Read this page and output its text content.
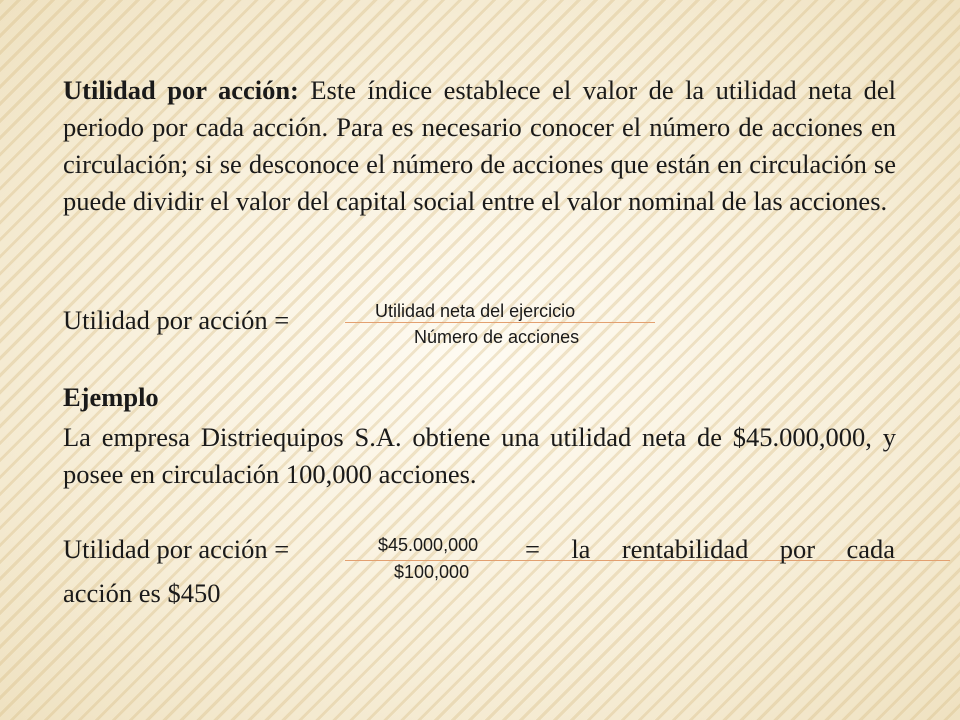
Utilidad por acción: Este índice establece el valor de la utilidad neta del periodo por cada acción. Para es necesario conocer el número de acciones en circulación; si se desconoce el número de acciones que están en circulación se puede dividir el valor del capital social entre el valor nominal de las acciones.

Utilidad por acción =	Utilidad neta del ejercicio
Número de acciones
Ejemplo

La empresa Distriequipos S.A. obtiene una utilidad neta de $45.000,000, y posee en circulación 100,000 acciones.

Utilidad por acción =	$45.000,000
$100,000
= la rentabilidad por cada
acción es $450
